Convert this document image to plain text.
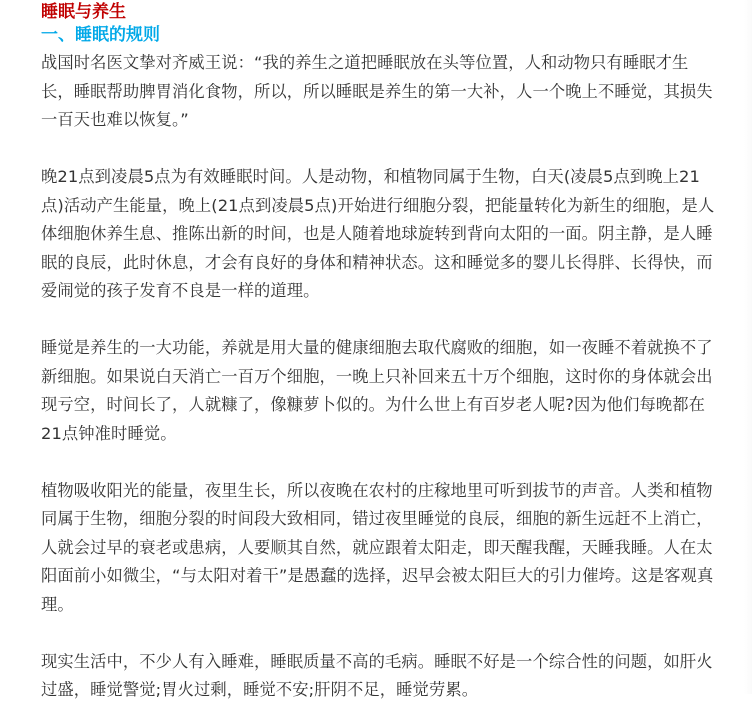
睡眠与养生
一、睡眠的规则

战国时名医文挚对齐威王说：“我的养生之道把睡眠放在头等位置，人和动物只有睡眠才生长，睡眠帮助脾胃消化食物，所以，所以睡眠是养生的第一大补，人一个晚上不睡觉，其损失一百天也难以恢复。”

晚21点到凌晨5点为有效睡眠时间。人是动物，和植物同属于生物，白天(凌晨5点到晚上21点)活动产生能量，晚上(21点到凌晨5点)开始进行细胞分裂，把能量转化为新生的细胞，是人体细胞休养生息、推陈出新的时间，也是人随着地球旋转到背向太阳的一面。阴主静，是人睡眠的良辰，此时休息，才会有良好的身体和精神状态。这和睡觉多的婴儿长得胖、长得快，而爱闹觉的孩子发育不良是一样的道理。

睡觉是养生的一大功能，养就是用大量的健康细胞去取代腐败的细胞，如一夜睡不着就换不了新细胞。如果说白天消亡一百万个细胞，一晚上只补回来五十万个细胞，这时你的身体就会出现亏空，时间长了，人就糠了，像糠萝卜似的。为什么世上有百岁老人呢?因为他们每晚都在21点钟准时睡觉。

植物吸收阳光的能量，夜里生长，所以夜晚在农村的庄稼地里可听到拔节的声音。人类和植物同属于生物，细胞分裂的时间段大致相同，错过夜里睡觉的良辰，细胞的新生远赶不上消亡，人就会过早的衰老或患病，人要顺其自然，就应跟着太阳走，即天醒我醒，天睡我睡。人在太阳面前小如微尘，“与太阳对着干”是愚蠢的选择，迟早会被太阳巨大的引力催垮。这是客观真理。

现实生活中，不少人有入睡难，睡眠质量不高的毛病。睡眠不好是一个综合性的问题，如肝火过盛，睡觉警觉;胃火过剩，睡觉不安;肝阴不足，睡觉劳累。
